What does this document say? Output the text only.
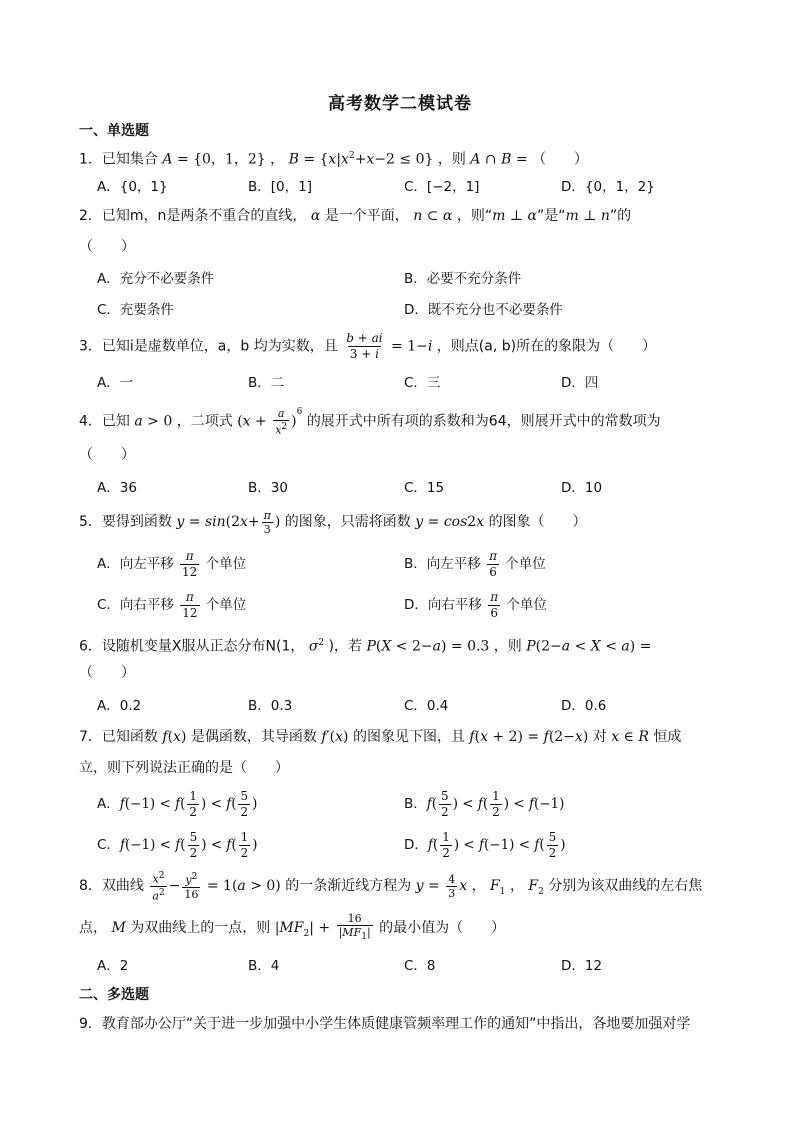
高考数学二模试卷
一、单选题
1．已知集合 A = {0，1，2} ， $B = \{x|x^2+x-2 \le 0\}$ ，则 A ∩ B = （　　）
A．{0，1}	B．[0，1]	C．[−2，1]	D．{0，1，2}
2．已知m，n是两条不重合的直线， α 是一个平面， n ⊂ α ，则“m ⊥ α”是“m ⊥ n”的
（　　）
A．充分不必要条件	B．必要不充分条件
C．充要条件	D．既不充分也不必要条件
3．已知i是虚数单位，a，b 均为实数，且 $\frac{b + ai}{3 + i} = 1-i$ ，则点(a, b)所在的象限为（　　）
A．一	B．二	C．三	D．四
4．已知 a > 0 ，二项式 $(x + \frac{a}{x^2} )^6$ 的展开式中所有项的系数和为64，则展开式中的常数项为
（　　）
A．36	B．30	C．15	D．10
5．要得到函数 $y = \sin(2x+ \frac{\pi}{3}$ ) 的图象，只需将函数 y = cos2x 的图象（　　）
A．向左平移 $\frac{\pi}{12}$ 个单位	B．向左平移 $\frac{\pi}{6}$ 个单位
C．向右平移 $\frac{\pi}{12}$ 个单位	D．向右平移 $\frac{\pi}{6}$ 个单位
6．设随机变量X服从正态分布N(1， $\sigma^2$ )，若 P(X < 2−a) = 0.3 ，则 P(2−a < X < a) =
（　　）
A．0.2	B．0.3	C．0.4	D．0.6
7．已知函数 f(x) 是偶函数，其导函数 f′(x) 的图象见下图，且 f(x + 2) = f(2−x) 对 x ∈ R 恒成
立，则下列说法正确的是（　　）
A．$f(-1) < f( \frac{1}{2}$ ) < $f( \frac{5}{2}$ )	B．$f( \frac{5}{2}$ ) < $f( \frac{1}{2}$ ) < f(−1)
C．$f(-1) < f( \frac{5}{2}$ ) < $f( \frac{1}{2}$ )	D．$f( \frac{1}{2}$ ) < $f(-1) < f( \frac{5}{2}$ )
8．双曲线 $\frac{x^2}{a^2} - \frac{y^2}{16} = 1(a > 0)$ 的一条渐近线方程为 $y = \frac{4}{3}$ x ， $F_1$ ， $F_2$ 分别为该双曲线的左右焦
点， M 为双曲线上的一点，则 $|MF_2| + \frac{16}{|MF_1|}$ 的最小值为（　　）
A．2	B．4	C．8	D．12
二、多选题
9．教育部办公厅“关于进一步加强中小学生体质健康管频率理工作的通知”中指出，各地要加强对学
